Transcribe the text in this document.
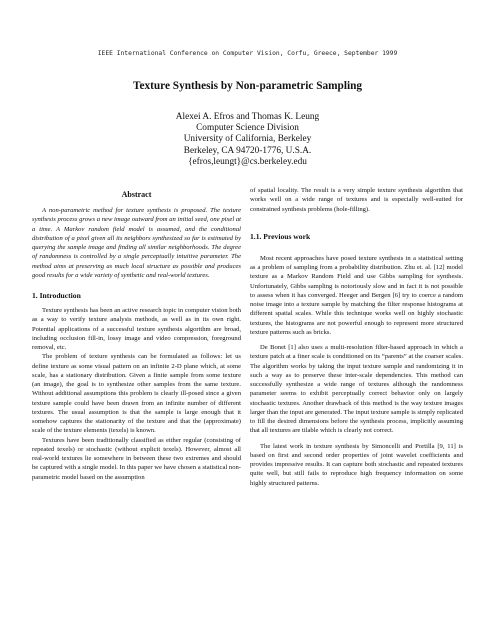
IEEE International Conference on Computer Vision, Corfu, Greece, September 1999
Texture Synthesis by Non-parametric Sampling
Alexei A. Efros and Thomas K. Leung
Computer Science Division
University of California, Berkeley
Berkeley, CA 94720-1776, U.S.A.
{efros,leungt}@cs.berkeley.edu
Abstract

A non-parametric method for texture synthesis is proposed. The texture synthesis process grows a new image outward from an initial seed, one pixel at a time. A Markov random field model is assumed, and the conditional distribution of a pixel given all its neighbors synthesized so far is estimated by querying the sample image and finding all similar neighborhoods. The degree of randomness is controlled by a single perceptually intuitive parameter. The method aims at preserving as much local structure as possible and produces good results for a wide variety of synthetic and real-world textures.

1. Introduction

Texture synthesis has been an active research topic in computer vision both as a way to verify texture analysis methods, as well as in its own right. Potential applications of a successful texture synthesis algorithm are broad, including occlusion fill-in, lossy image and video compression, foreground removal, etc.

The problem of texture synthesis can be formulated as follows: let us define texture as some visual pattern on an infinite 2-D plane which, at some scale, has a stationary distribution. Given a finite sample from some texture (an image), the goal is to synthesize other samples from the same texture. Without additional assumptions this problem is clearly ill-posed since a given texture sample could have been drawn from an infinite number of different textures. The usual assumption is that the sample is large enough that it somehow captures the stationarity of the texture and that the (approximate) scale of the texture elements (texels) is known.

Textures have been traditionally classified as either regular (consisting of repeated texels) or stochastic (without explicit texels). However, almost all real-world textures lie somewhere in between these two extremes and should be captured with a single model. In this paper we have chosen a statistical non-parametric model based on the assumption

of spatial locality. The result is a very simple texture synthesis algorithm that works well on a wide range of textures and is especially well-suited for constrained synthesis problems (hole-filling).

1.1. Previous work

Most recent approaches have posed texture synthesis in a statistical setting as a problem of sampling from a probability distribution. Zhu et. al. [12] model texture as a Markov Random Field and use Gibbs sampling for synthesis. Unfortunately, Gibbs sampling is notoriously slow and in fact it is not possible to assess when it has converged. Heeger and Bergen [6] try to coerce a random noise image into a texture sample by matching the filter response histograms at different spatial scales. While this technique works well on highly stochastic textures, the histograms are not powerful enough to represent more structured texture patterns such as bricks.

De Bonet [1] also uses a multi-resolution filter-based approach in which a texture patch at a finer scale is conditioned on its “parents” at the coarser scales. The algorithm works by taking the input texture sample and randomizing it in such a way as to preserve these inter-scale dependencies. This method can successfully synthesize a wide range of textures although the randomness parameter seems to exhibit perceptually correct behavior only on largely stochastic textures. Another drawback of this method is the way texture images larger than the input are generated. The input texture sample is simply replicated to fill the desired dimensions before the synthesis process, implicitly assuming that all textures are tilable which is clearly not correct.

The latest work in texture synthesis by Simoncelli and Portilla [9, 11] is based on first and second order properties of joint wavelet coefficients and provides impressive results. It can capture both stochastic and repeated textures quite well, but still fails to reproduce high frequency information on some highly structured patterns.
